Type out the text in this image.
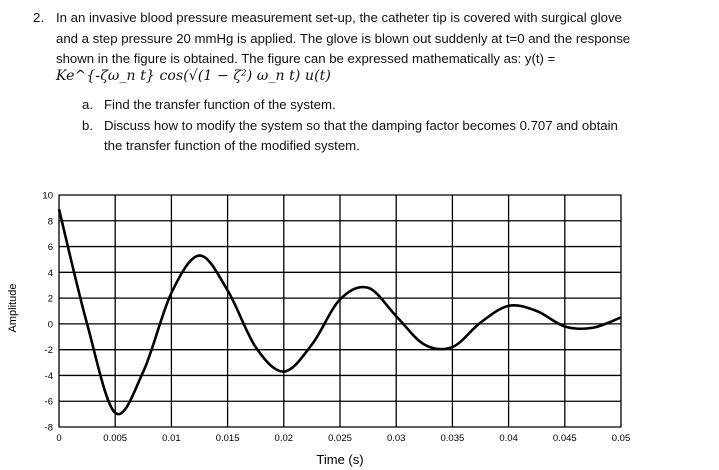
2. In an invasive blood pressure measurement set-up, the catheter tip is covered with surgical glove
and a step pressure 20 mmHg is applied. The glove is blown out suddenly at t=0 and the response
shown in the figure is obtained. The figure can be expressed mathematically as: y(t) =
Ke^{-ζω_n t} cos(√(1 − ζ²) ω_n t) u(t)
a. Find the transfer function of the system.
b. Discuss how to modify the system so that the damping factor becomes 0.707 and obtain
the transfer function of the modified system.
0	0.005	0.01	0.015	0.02	0.025	0.03	0.035	0.04	0.045	0.05
10
8
6
4
2
0
-2
-4
-6
-8
Time (s)
Amplitude
